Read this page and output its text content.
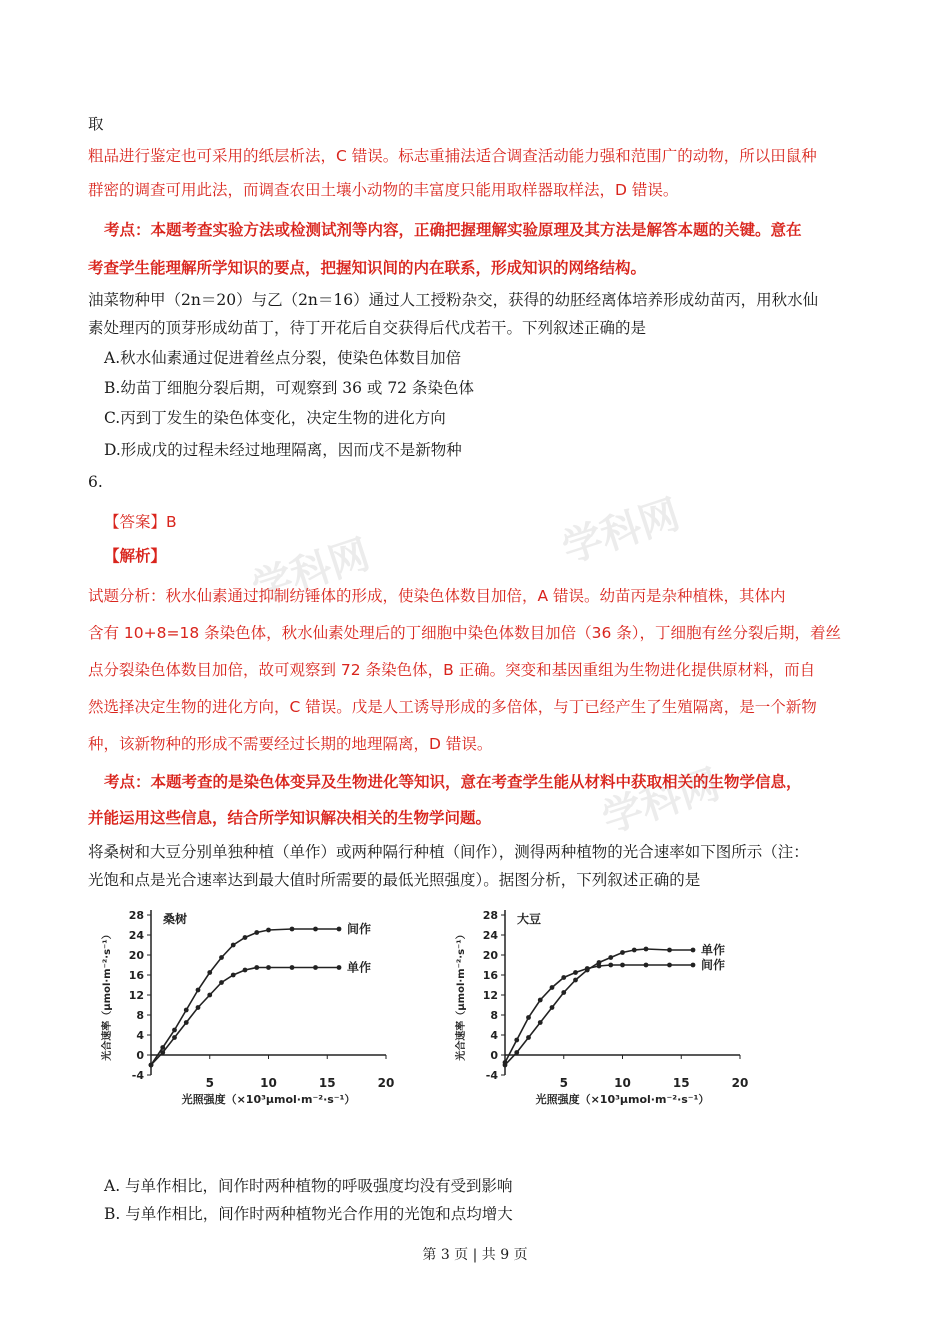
学科网
学科网
学科网
取
粗品进行鉴定也可采用的纸层析法，C 错误。标志重捕法适合调查活动能力强和范围广的动物，所以田鼠种
群密的调查可用此法，而调查农田土壤小动物的丰富度只能用取样器取样法，D 错误。
考点：本题考查实验方法或检测试剂等内容，正确把握理解实验原理及其方法是解答本题的关键。意在
考查学生能理解所学知识的要点，把握知识间的内在联系，形成知识的网络结构。
油菜物种甲（2n＝20）与乙（2n＝16）通过人工授粉杂交，获得的幼胚经离体培养形成幼苗丙，用秋水仙
素处理丙的顶芽形成幼苗丁，待丁开花后自交获得后代戊若干。下列叙述正确的是
A.秋水仙素通过促进着丝点分裂，使染色体数目加倍
B.幼苗丁细胞分裂后期，可观察到 36 或 72 条染色体
C.丙到丁发生的染色体变化，决定生物的进化方向
D.形成戊的过程未经过地理隔离，因而戊不是新物种
6.
【答案】B
【解析】
试题分析：秋水仙素通过抑制纺锤体的形成，使染色体数目加倍，A 错误。幼苗丙是杂种植株，其体内
含有 10+8=18 条染色体，秋水仙素处理后的丁细胞中染色体数目加倍（36 条），丁细胞有丝分裂后期，着丝
点分裂染色体数目加倍，故可观察到 72 条染色体，B 正确。突变和基因重组为生物进化提供原材料，而自
然选择决定生物的进化方向，C 错误。戊是人工诱导形成的多倍体，与丁已经产生了生殖隔离，是一个新物
种，该新物种的形成不需要经过长期的地理隔离，D 错误。
考点：本题考查的是染色体变异及生物进化等知识，意在考查学生能从材料中获取相关的生物学信息，
并能运用这些信息，结合所学知识解决相关的生物学问题。
将桑树和大豆分别单独种植（单作）或两种隔行种植（间作），测得两种植物的光合速率如下图所示（注：
光饱和点是光合速率达到最大值时所需要的最低光照强度）。据图分析，下列叙述正确的是
-4
0
4
8
12
16
20
24
28
5	10	15	20
桑树
光照强度（×10³μmol·m⁻²·s⁻¹）
光合速率（μmol·m⁻²·s⁻¹）
间作
单作
-4
0
4
8
12
16
20
24
28
5	10	15	20
大豆
光照强度（×10³μmol·m⁻²·s⁻¹）
光合速率（μmol·m⁻²·s⁻¹）	单作
间作
A. 与单作相比，间作时两种植物的呼吸强度均没有受到影响
B. 与单作相比，间作时两种植物光合作用的光饱和点均增大
第 3 页 | 共 9 页
